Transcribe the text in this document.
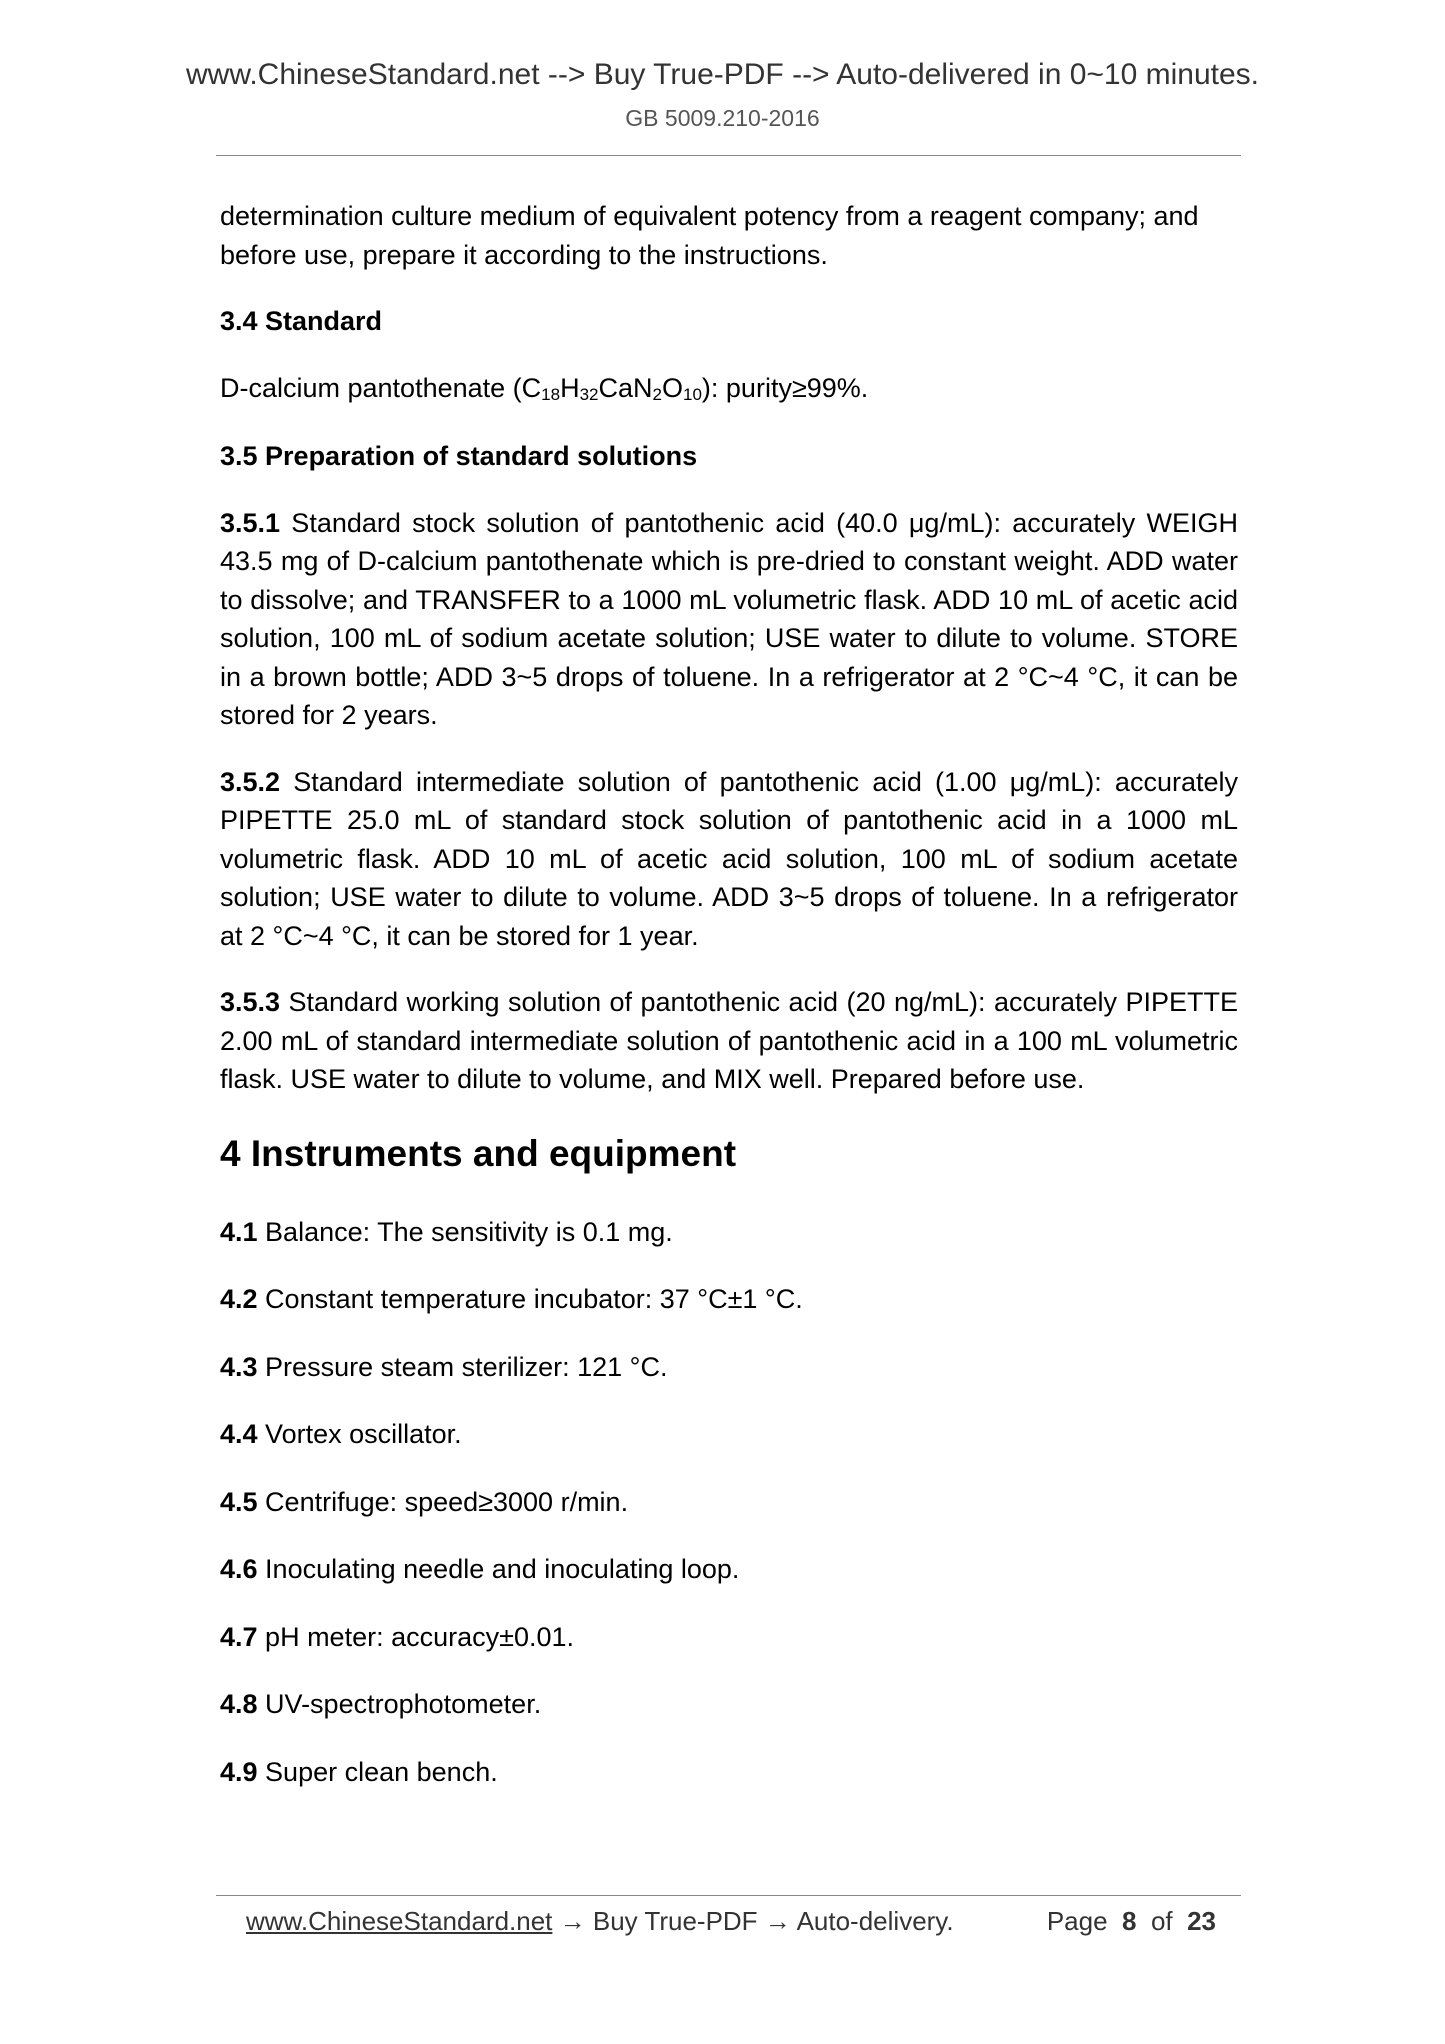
www.ChineseStandard.net --> Buy True-PDF --> Auto-delivered in 0~10 minutes.
GB 5009.210-2016

determination culture medium of equivalent potency from a reagent company; and before use, prepare it according to the instructions.

3.4 Standard

D-calcium pantothenate $(C_{18}H_{32}CaN_2O_{10})$: purity≥99%.

3.5 Preparation of standard solutions

3.5.1 Standard stock solution of pantothenic acid (40.0 μg/mL): accurately WEIGH 43.5 mg of D-calcium pantothenate which is pre-dried to constant weight. ADD water to dissolve; and TRANSFER to a 1000 mL volumetric flask. ADD 10 mL of acetic acid solution, 100 mL of sodium acetate solution; USE water to dilute to volume. STORE in a brown bottle; ADD 3~5 drops of toluene. In a refrigerator at 2 °C~4 °C, it can be stored for 2 years.

3.5.2 Standard intermediate solution of pantothenic acid (1.00 μg/mL): accurately PIPETTE 25.0 mL of standard stock solution of pantothenic acid in a 1000 mL volumetric flask. ADD 10 mL of acetic acid solution, 100 mL of sodium acetate solution; USE water to dilute to volume. ADD 3~5 drops of toluene. In a refrigerator at 2 °C~4 °C, it can be stored for 1 year.

3.5.3 Standard working solution of pantothenic acid (20 ng/mL): accurately PIPETTE 2.00 mL of standard intermediate solution of pantothenic acid in a 100 mL volumetric flask. USE water to dilute to volume, and MIX well. Prepared before use.

4 Instruments and equipment

4.1 Balance: The sensitivity is 0.1 mg.

4.2 Constant temperature incubator: 37 °C±1 °C.

4.3 Pressure steam sterilizer: 121 °C.

4.4 Vortex oscillator.

4.5 Centrifuge: speed≥3000 r/min.

4.6 Inoculating needle and inoculating loop.

4.7 pH meter: accuracy±0.01.

4.8 UV-spectrophotometer.

4.9 Super clean bench.

www.ChineseStandard.net → Buy True-PDF → Auto-delivery.	Page 8 of 23
